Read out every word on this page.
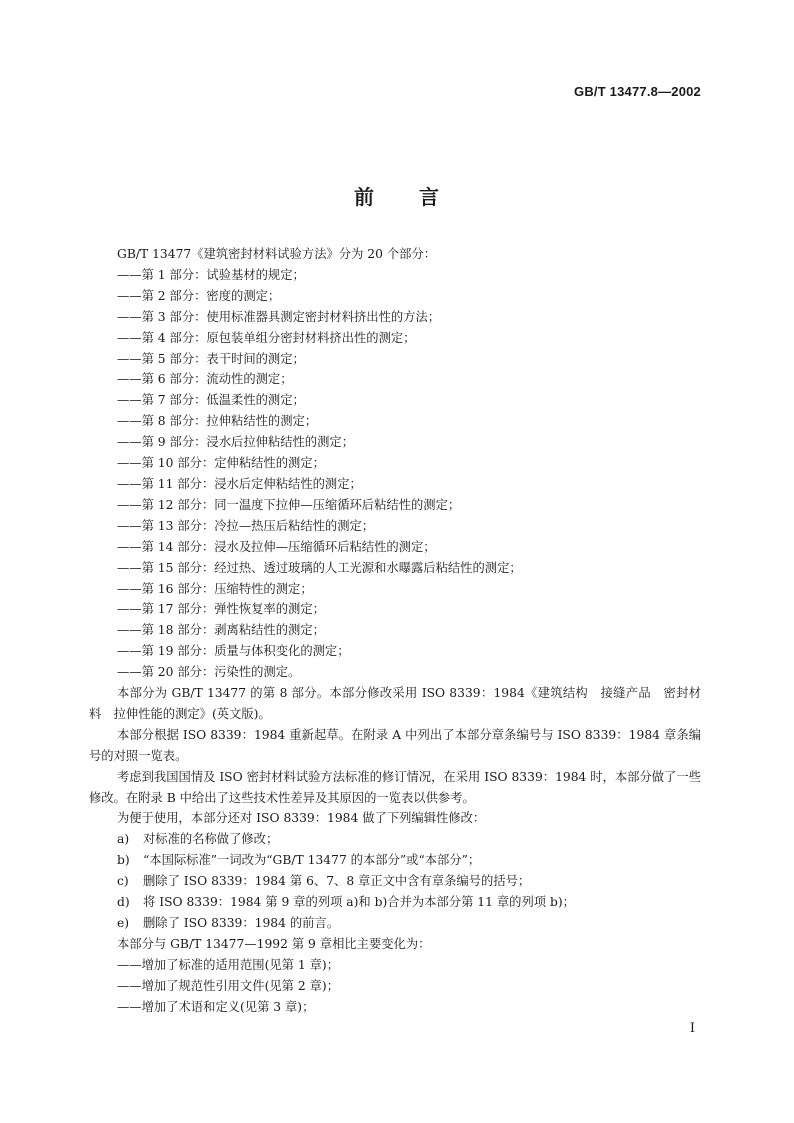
GB/T 13477.8—2002
前 言

GB/T 13477《建筑密封材料试验方法》分为 20 个部分：

——第 1 部分：试验基材的规定；

——第 2 部分：密度的测定；

——第 3 部分：使用标准器具测定密封材料挤出性的方法；

——第 4 部分：原包装单组分密封材料挤出性的测定；

——第 5 部分：表干时间的测定；

——第 6 部分：流动性的测定；

——第 7 部分：低温柔性的测定；

——第 8 部分：拉伸粘结性的测定；

——第 9 部分：浸水后拉伸粘结性的测定；

——第 10 部分：定伸粘结性的测定；

——第 11 部分：浸水后定伸粘结性的测定；

——第 12 部分：同一温度下拉伸—压缩循环后粘结性的测定；

——第 13 部分：冷拉—热压后粘结性的测定；

——第 14 部分：浸水及拉伸—压缩循环后粘结性的测定；

——第 15 部分：经过热、透过玻璃的人工光源和水曝露后粘结性的测定；

——第 16 部分：压缩特性的测定；

——第 17 部分：弹性恢复率的测定；

——第 18 部分：剥离粘结性的测定；

——第 19 部分：质量与体积变化的测定；

——第 20 部分：污染性的测定。

本部分为 GB/T 13477 的第 8 部分。本部分修改采用 ISO 8339：1984《建筑结构　接缝产品　密封材料　拉伸性能的测定》(英文版)。

本部分根据 ISO 8339：1984 重新起草。在附录 A 中列出了本部分章条编号与 ISO 8339：1984 章条编号的对照一览表。

考虑到我国国情及 ISO 密封材料试验方法标准的修订情况，在采用 ISO 8339：1984 时，本部分做了一些修改。在附录 B 中给出了这些技术性差异及其原因的一览表以供参考。

为便于使用，本部分还对 ISO 8339：1984 做了下列编辑性修改：

a) 对标准的名称做了修改；
b) “本国际标准”一词改为“GB/T 13477 的本部分”或“本部分”；
c) 删除了 ISO 8339：1984 第 6、7、8 章正文中含有章条编号的括号；
d) 将 ISO 8339：1984 第 9 章的列项 a)和 b)合并为本部分第 11 章的列项 b)；
e) 删除了 ISO 8339：1984 的前言。

本部分与 GB/T 13477—1992 第 9 章相比主要变化为：

——增加了标准的适用范围(见第 1 章)；

——增加了规范性引用文件(见第 2 章)；

——增加了术语和定义(见第 3 章)；

I
